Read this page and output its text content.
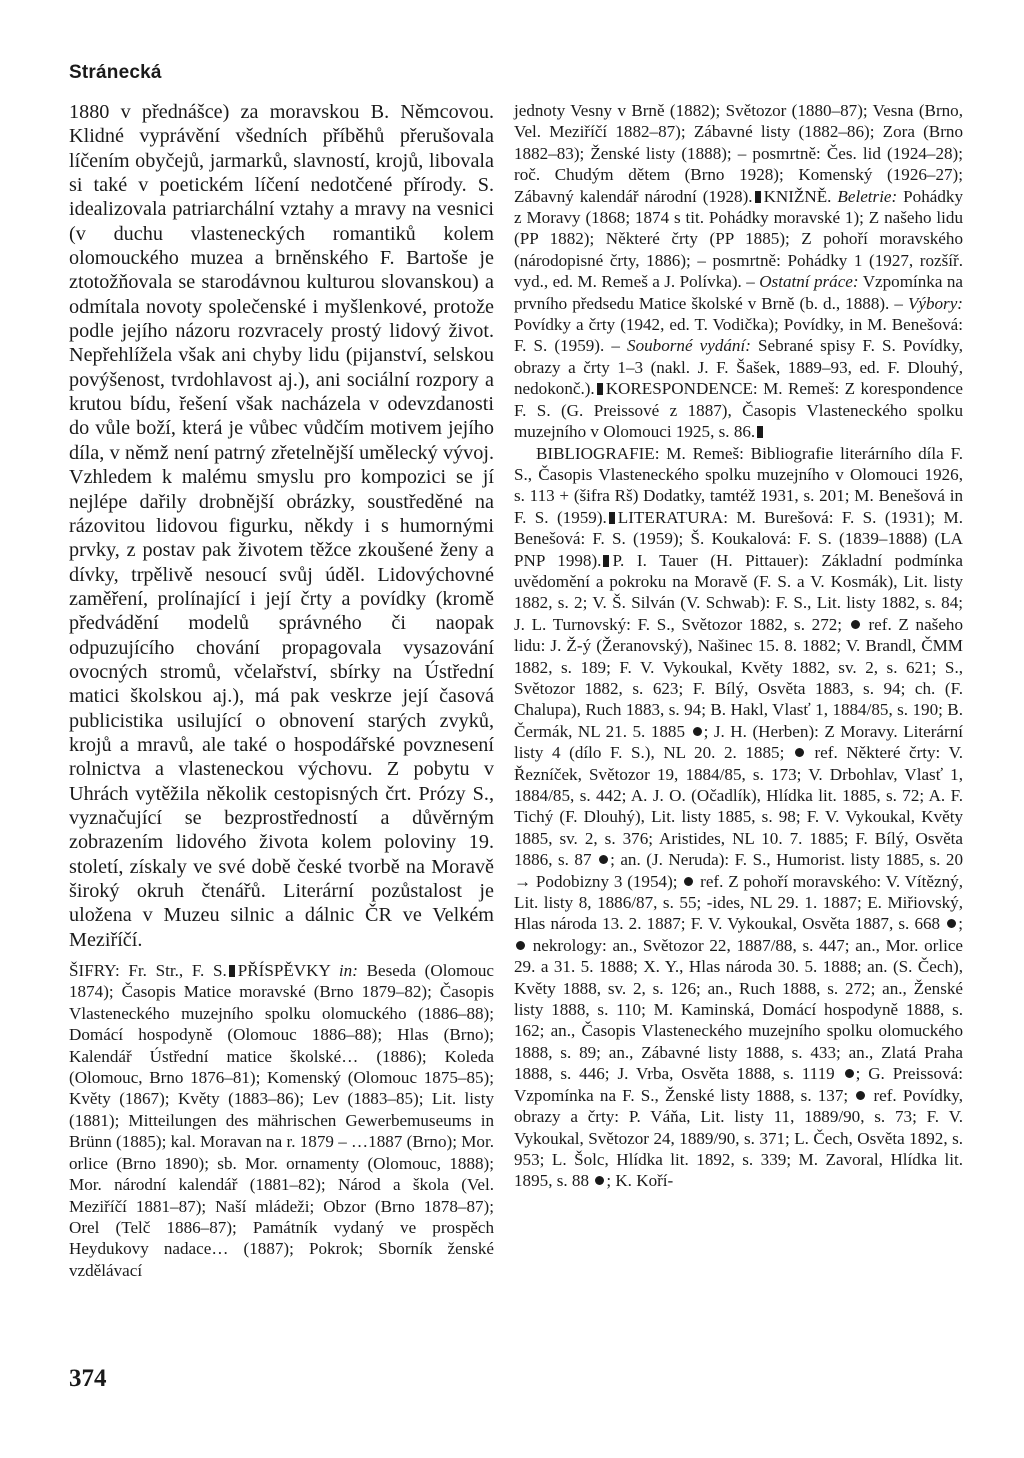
Stránecká

1880 v přednášce) za moravskou B. Němcovou. Klidné vyprávění všedních příběhů přerušovala líčením obyčejů, jarmarků, slavností, krojů, libovala si také v poetickém líčení nedotčené přírody. S. idealizovala patriarchální vztahy a mravy na vesnici (v duchu vlasteneckých romantiků kolem olomouckého muzea a brněnského F. Bartoše je ztotožňovala se starodávnou kulturou slovanskou) a odmítala novoty společenské i myšlenkové, protože podle jejího názoru rozvracely prostý lidový život. Nepřehlížela však ani chyby lidu (pijanství, selskou povýšenost, tvrdohlavost aj.), ani sociální rozpory a krutou bídu, řešení však nacházela v odevzdanosti do vůle boží, která je vůbec vůdčím motivem jejího díla, v němž není patrný zřetelnější umělecký vývoj. Vzhledem k malému smyslu pro kompozici se jí nejlépe dařily drobnější obrázky, soustředěné na rázovitou lidovou figurku, někdy i s humornými prvky, z postav pak životem těžce zkoušené ženy a dívky, trpělivě nesoucí svůj úděl. Lidovýchovné zaměření, prolínající i její črty a povídky (kromě předvádění modelů správného či naopak odpuzujícího chování propagovala vysazování ovocných stromů, včelařství, sbírky na Ústřední matici školskou aj.), má pak veskrze její časová publicistika usilující o obnovení starých zvyků, krojů a mravů, ale také o hospodářské povznesení rolnictva a vlasteneckou výchovu. Z pobytu v Uhrách vytěžila několik cestopisných črt. Prózy S., vyznačující se bezprostředností a důvěrným zobrazením lidového života kolem poloviny 19. století, získaly ve své době české tvorbě na Moravě široký okruh čtenářů. Literární pozůstalost je uložena v Muzeu silnic a dálnic ČR ve Velkém Meziříčí.

ŠIFRY: Fr. Str., F. S. PŘÍSPĚVKY in: Beseda (Olomouc 1874); Časopis Matice moravské (Brno 1879–82); Časopis Vlasteneckého muzejního spolku olomuckého (1886–88); Domácí hospodyně (Olomouc 1886–88); Hlas (Brno); Kalendář Ústřední matice školské… (1886); Koleda (Olomouc, Brno 1876–81); Komenský (Olomouc 1875–85); Květy (1867); Květy (1883–86); Lev (1883–85); Lit. listy (1881); Mitteilungen des mährischen Gewerbemuseums in Brünn (1885); kal. Moravan na r. 1879 – …1887 (Brno); Mor. orlice (Brno 1890); sb. Mor. ornamenty (Olomouc, 1888); Mor. národní kalendář (1881–82); Národ a škola (Vel. Meziříčí 1881–87); Naší mládeži; Obzor (Brno 1878–87); Orel (Telč 1886–87); Památník vydaný ve prospěch Heydukovy nadace… (1887); Pokrok; Sborník ženské vzdělávací

jednoty Vesny v Brně (1882); Světozor (1880–87); Vesna (Brno, Vel. Meziříčí 1882–87); Zábavné listy (1882–86); Zora (Brno 1882–83); Ženské listy (1888); – posmrtně: Čes. lid (1924–28); roč. Chudým dětem (Brno 1928); Komenský (1926–27); Zábavný kalendář národní (1928). KNIŽNĚ. Beletrie: Pohádky z Moravy (1868; 1874 s tit. Pohádky moravské 1); Z našeho lidu (PP 1882); Některé črty (PP 1885); Z pohoří moravského (národopisné črty, 1886); – posmrtně: Pohádky 1 (1927, rozšíř. vyd., ed. M. Remeš a J. Polívka). – Ostatní práce: Vzpomínka na prvního předsedu Matice školské v Brně (b. d., 1888). – Výbory: Povídky a črty (1942, ed. T. Vodička); Povídky, in M. Benešová: F. S. (1959). – Souborné vydání: Sebrané spisy F. S. Povídky, obrazy a črty 1–3 (nakl. J. F. Šašek, 1889–93, ed. F. Dlouhý, nedokonč.). KORESPONDENCE: M. Remeš: Z korespondence F. S. (G. Preissové z 1887), Časopis Vlasteneckého spolku muzejního v Olomouci 1925, s. 86.

BIBLIOGRAFIE: M. Remeš: Bibliografie literárního díla F. S., Časopis Vlasteneckého spolku muzejního v Olomouci 1926, s. 113 + (šifra Rš) Dodatky, tamtéž 1931, s. 201; M. Benešová in F. S. (1959). LITERATURA: M. Burešová: F. S. (1931); M. Benešová: F. S. (1959); Š. Koukalová: F. S. (1839–1888) (LA PNP 1998). P. I. Tauer (H. Pittauer): Základní podmínka uvědomění a pokroku na Moravě (F. S. a V. Kosmák), Lit. listy 1882, s. 2; V. Š. Silván (V. Schwab): F. S., Lit. listy 1882, s. 84; J. L. Turnovský: F. S., Světozor 1882, s. 272; ref. Z našeho lidu: J. Ž-ý (Žeranovský), Našinec 15. 8. 1882; V. Brandl, ČMM 1882, s. 189; F. V. Vykoukal, Květy 1882, sv. 2, s. 621; S., Světozor 1882, s. 623; F. Bílý, Osvěta 1883, s. 94; ch. (F. Chalupa), Ruch 1883, s. 94; B. Hakl, Vlasť 1, 1884/85, s. 190; B. Čermák, NL 21. 5. 1885 ; J. H. (Herben): Z Moravy. Literární listy 4 (dílo F. S.), NL 20. 2. 1885; ref. Některé črty: V. Řezníček, Světozor 19, 1884/85, s. 173; V. Drbohlav, Vlasť 1, 1884/85, s. 442; A. J. O. (Očadlík), Hlídka lit. 1885, s. 72; A. F. Tichý (F. Dlouhý), Lit. listy 1885, s. 98; F. V. Vykoukal, Květy 1885, sv. 2, s. 376; Aristides, NL 10. 7. 1885; F. Bílý, Osvěta 1886, s. 87 ; an. (J. Neruda): F. S., Humorist. listy 1885, s. 20 → Podobizny 3 (1954); ref. Z pohoří moravského: V. Vítězný, Lit. listy 8, 1886/87, s. 55; -ides, NL 29. 1. 1887; E. Miřiovský, Hlas národa 13. 2. 1887; F. V. Vykoukal, Osvěta 1887, s. 668 ;  nekrology: an., Světozor 22, 1887/88, s. 447; an., Mor. orlice 29. a 31. 5. 1888; X. Y., Hlas národa 30. 5. 1888; an. (S. Čech), Květy 1888, sv. 2, s. 126; an., Ruch 1888, s. 272; an., Ženské listy 1888, s. 110; M. Kaminská, Domácí hospodyně 1888, s. 162; an., Časopis Vlasteneckého muzejního spolku olomuckého 1888, s. 89; an., Zábavné listy 1888, s. 433; an., Zlatá Praha 1888, s. 446; J. Vrba, Osvěta 1888, s. 1119 ; G. Preissová: Vzpomínka na F. S., Ženské listy 1888, s. 137; ref. Povídky, obrazy a črty: P. Váňa, Lit. listy 11, 1889/90, s. 73; F. V. Vykoukal, Světozor 24, 1889/90, s. 371; L. Čech, Osvěta 1892, s. 953; L. Šolc, Hlídka lit. 1892, s. 339; M. Zavoral, Hlídka lit. 1895, s. 88 ; K. Koří-

374
